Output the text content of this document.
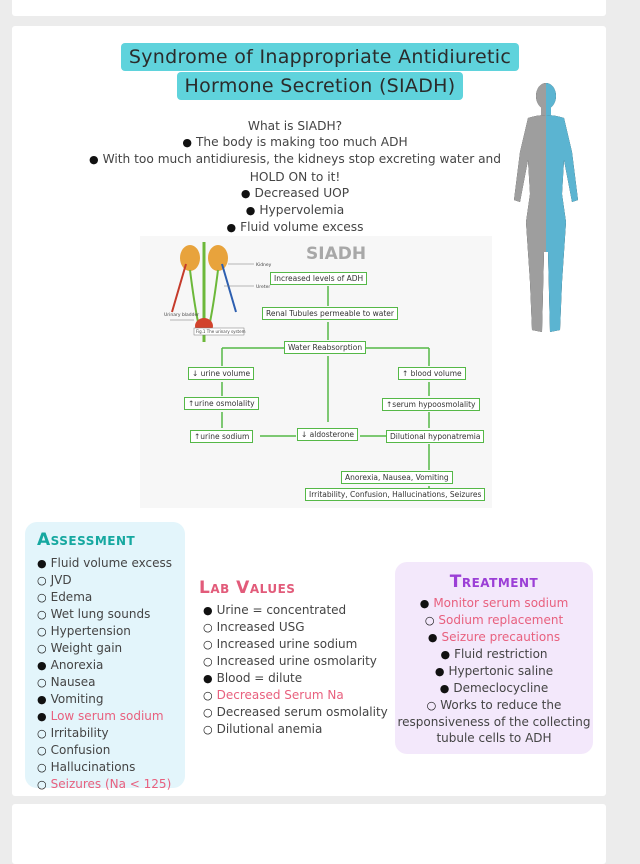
Syndrome of Inappropriate Antidiuretic
Hormone Secretion (SIADH)
What is SIADH?
● The body is making too much ADH
● With too much antidiuresis, the kidneys stop excreting water and HOLD ON to it!
● Decreased UOP
● Hypervolemia
● Fluid volume excess
Kidney
Ureter
Urinary bladder
Fig.1 The urinary system
SIADH
Increased levels of ADH
Renal Tubules permeable to water
Water Reabsorption
↓ urine volume	↑ blood volume
↑urine osmolality	↑serum hypoosmolality
↑urine sodium	↓ aldosterone	Dilutional hyponatremia
Anorexia, Nausea, Vomiting
Irritability, Confusion, Hallucinations, Seizures
Assessment
● Fluid volume excess
○ JVD
○ Edema
○ Wet lung sounds
○ Hypertension
○ Weight gain
● Anorexia
○ Nausea
● Vomiting
● Low serum sodium
○ Irritability
○ Confusion
○ Hallucinations
○ Seizures (Na < 125)
Lab Values
● Urine = concentrated
○ Increased USG
○ Increased urine sodium
○ Increased urine osmolarity
● Blood = dilute
○ Decreased Serum Na
○ Decreased serum osmolality
○ Dilutional anemia
Treatment
● Monitor serum sodium
○ Sodium replacement
● Seizure precautions
● Fluid restriction
● Hypertonic saline
● Demeclocycline
○ Works to reduce the responsiveness of the collecting tubule cells to ADH
